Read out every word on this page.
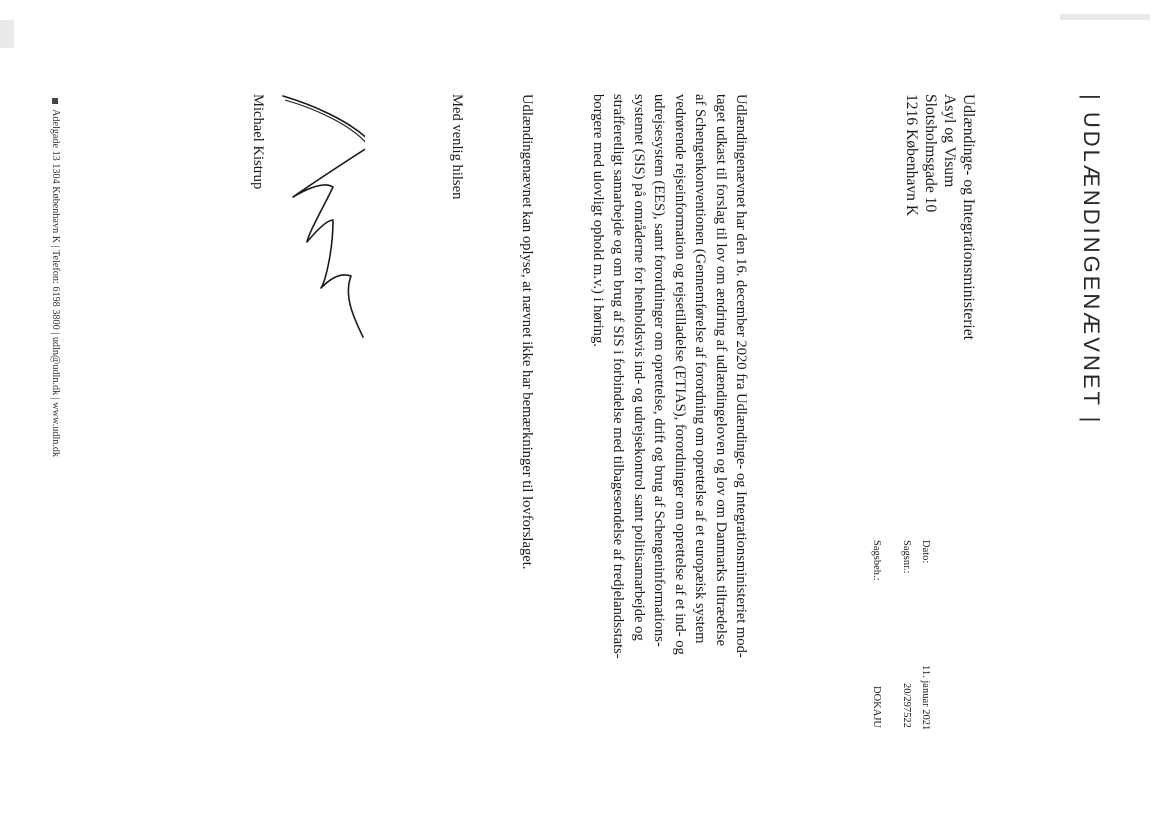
| UDLÆNDINGENÆVNET |
Udlændinge- og Integrationsministeriet
Asyl og Visum
Slotsholmsgade 10
1216 København K
Dato:
Sagsnr.:
Sagsbeh.:
11. januar 2021
20/297522
DOKAJU
Udlændingenævnet har den 16. december 2020 fra Udlændinge- og Integrationsministeriet mod-
taget udkast til forslag til lov om ændring af udlændingeloven og lov om Danmarks tiltrædelse
af Schengenkonventionen (Gennemførelse af forordning om oprettelse af et europæisk system
vedrørende rejseinformation og rejsetilladelse (ETIAS), forordninger om oprettelse af et ind- og
udrejsesystem (EES), samt forordninger om oprettelse, drift og brug af Schengeninformations-
systemet (SIS) på områderne for henholdsvis ind- og udrejsekontrol samt politisamarbejde og
strafferetligt samarbejde og om brug af SIS i forbindelse med tilbagesendelse af tredjelandsstats-
borgere med ulovligt ophold m.v.) i høring.
Udlændingenævnet kan oplyse, at nævnet ikke har bemærkninger til lovforslaget.
Med venlig hilsen
Michael Kistrup
Adelgade 13 1304 København K | Telefon: 6198 3800 | udln@udln.dk | www.udln.dk
